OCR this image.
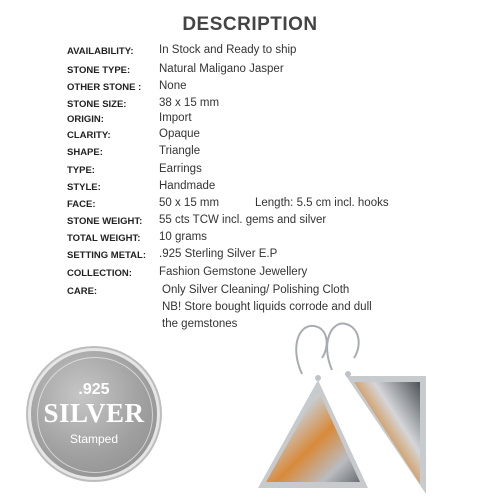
DESCRIPTION
AVAILABILITY: In Stock and Ready to ship
STONE TYPE:	Natural Maligano Jasper
OTHER STONE : None
STONE SIZE:	38 x 15 mm
ORIGIN:	Import
CLARITY:	Opaque
SHAPE:	Triangle
TYPE:	Earrings
STYLE:	Handmade
FACE:	50 x 15 mm	Length: 5.5 cm incl. hooks
STONE WEIGHT: 55 cts TCW incl. gems and silver
TOTAL WEIGHT: 10 grams
SETTING METAL: .925 Sterling Silver E.P
COLLECTION: Fashion Gemstone Jewellery
CARE:	Only Silver Cleaning/ Polishing Cloth
NB! Store bought liquids corrode and dull
the gemstones
.925
SILVER
Stamped
